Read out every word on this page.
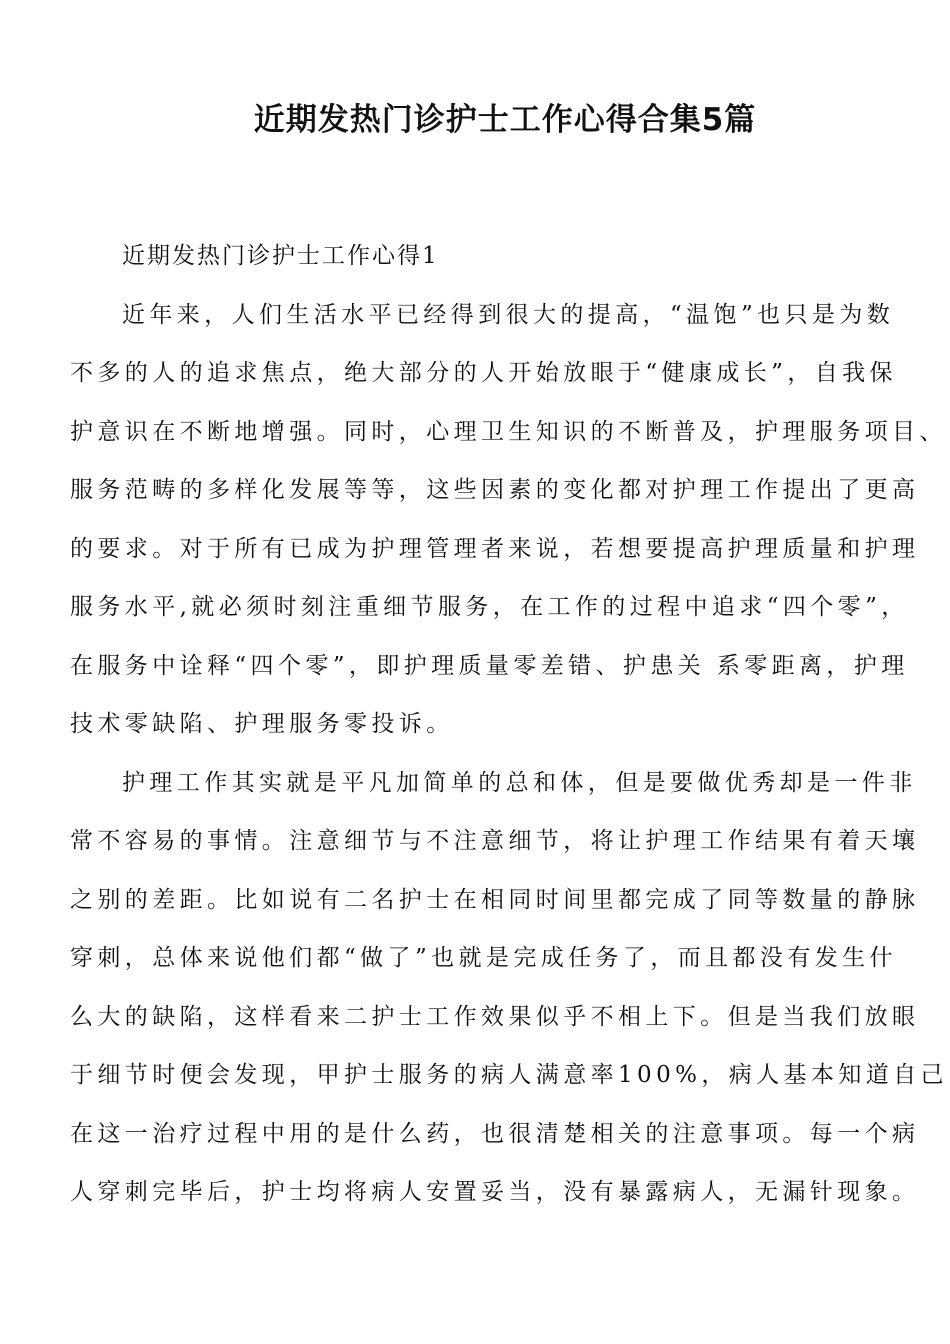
近期发热门诊护士工作心得合集5篇
近期发热门诊护士工作心得1
近年来，人们生活水平已经得到很大的提高，“温饱”也只是为数
不多的人的追求焦点，绝大部分的人开始放眼于“健康成长”，自我保
护意识在不断地增强。同时，心理卫生知识的不断普及，护理服务项目、
服务范畴的多样化发展等等，这些因素的变化都对护理工作提出了更高
的要求。对于所有已成为护理管理者来说，若想要提高护理质量和护理
服务水平,就必须时刻注重细节服务，在工作的过程中追求“四个零”，
在服务中诠释“四个零”，即护理质量零差错、护患关 系零距离，护理
技术零缺陷、护理服务零投诉。
护理工作其实就是平凡加简单的总和体，但是要做优秀却是一件非
常不容易的事情。注意细节与不注意细节，将让护理工作结果有着天壤
之别的差距。比如说有二名护士在相同时间里都完成了同等数量的静脉
穿刺，总体来说他们都“做了”也就是完成任务了，而且都没有发生什
么大的缺陷，这样看来二护士工作效果似乎不相上下。但是当我们放眼
于细节时便会发现，甲护士服务的病人满意率100%，病人基本知道自己
在这一治疗过程中用的是什么药，也很清楚相关的注意事项。每一个病
人穿刺完毕后，护士均将病人安置妥当，没有暴露病人，无漏针现象。
